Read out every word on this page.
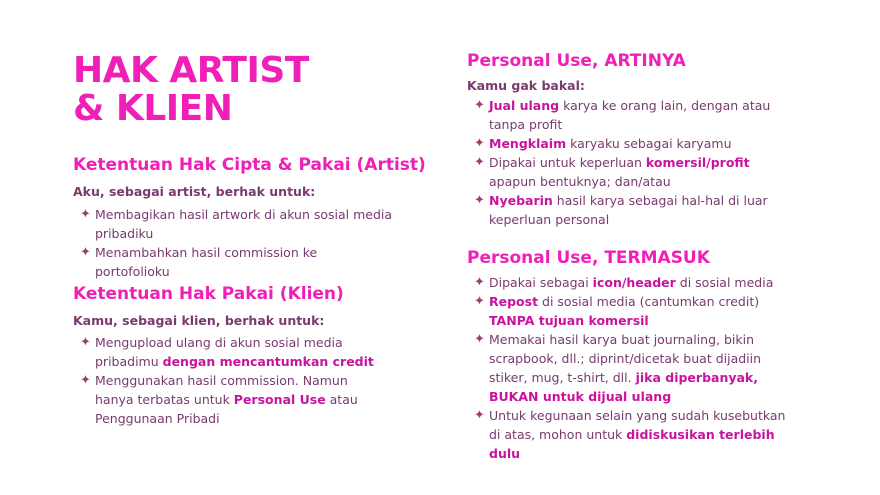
HAK ARTIST
& KLIEN
Ketentuan Hak Cipta & Pakai (Artist)

Aku, sebagai artist, berhak untuk:

✦ Membagikan hasil artwork di akun sosial media pribadiku
✦ Menambahkan hasil commission ke portofolioku
Ketentuan Hak Pakai (Klien)

Kamu, sebagai klien, berhak untuk:

✦ Mengupload ulang di akun sosial media pribadimu dengan mencantumkan credit
✦ Menggunakan hasil commission. Namun hanya terbatas untuk Personal Use atau Penggunaan Pribadi
Personal Use, ARTINYA

Kamu gak bakal:

✦ Jual ulang karya ke orang lain, dengan atau tanpa profit
✦ Mengklaim karyaku sebagai karyamu
✦ Dipakai untuk keperluan komersil/profit apapun bentuknya; dan/atau
✦ Nyebarin hasil karya sebagai hal-hal di luar keperluan personal
Personal Use, TERMASUK
✦ Dipakai sebagai icon/header di sosial media
✦ Repost di sosial media (cantumkan credit) TANPA tujuan komersil
✦ Memakai hasil karya buat journaling, bikin scrapbook, dll.; diprint/dicetak buat dijadiin stiker, mug, t-shirt, dll. jika diperbanyak, BUKAN untuk dijual ulang
✦ Untuk kegunaan selain yang sudah kusebutkan di atas, mohon untuk didiskusikan terlebih dulu
